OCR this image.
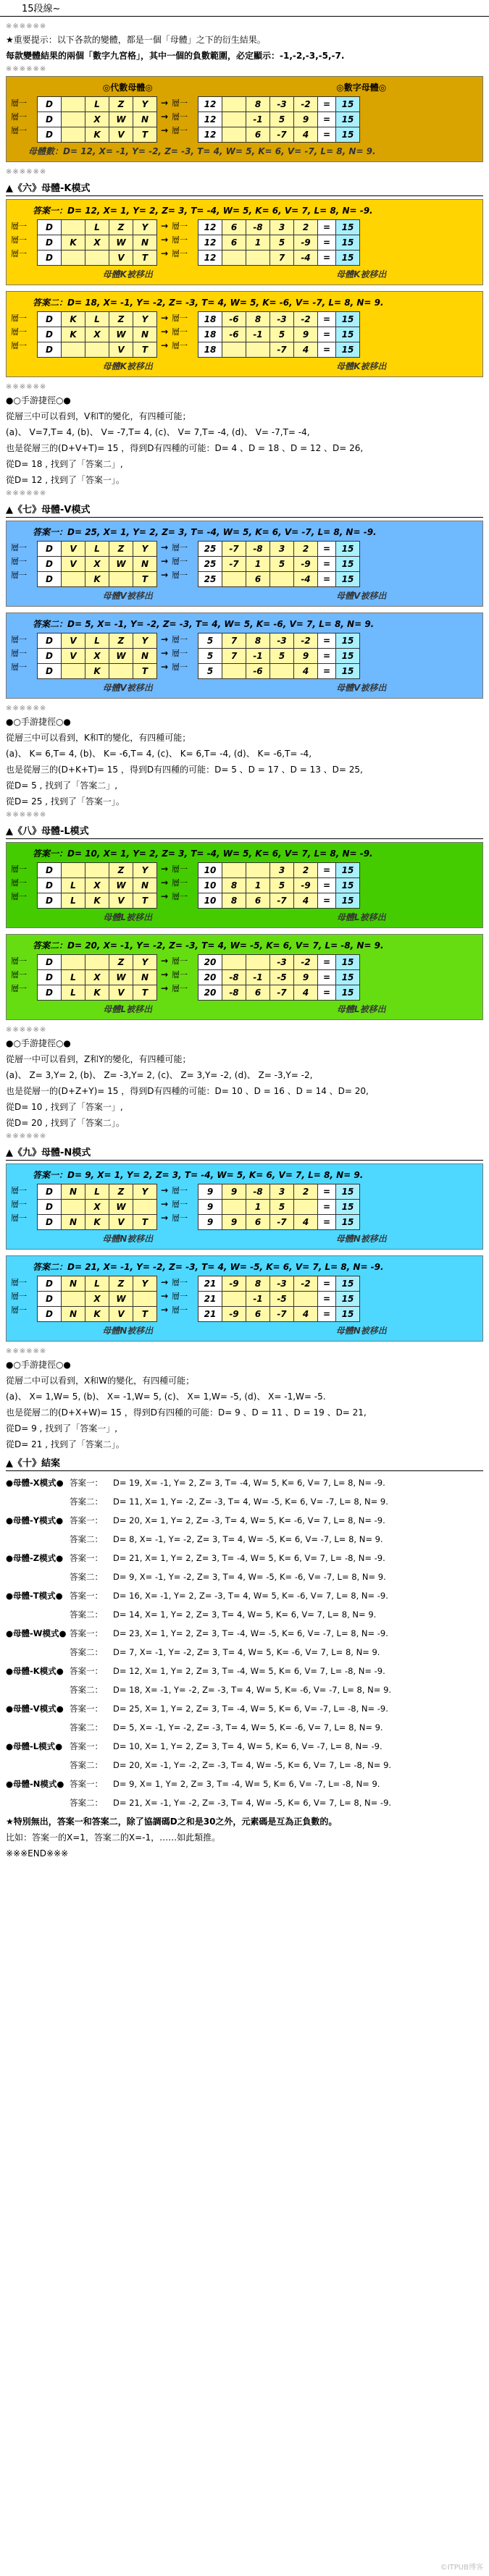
15段線~
※※※※※※
★重要提示：以下各款的變體，都是一個「母體」之下的衍生結果。
每款變體結果的兩個「數字九宮格」，其中一個的負數範圍，必定顯示：-1,-2,-3,-5,-7.
※※※※※※
◎代數母體◎	◎數字母體◎
層一
層一
層一
D		L	Z	Y
D		X	W	N
D		K	V	T
→
→
→
層一
層一
層一
12		8	-3	-2	=	15
12		-1	5	9	=	15
12		6	-7	4	=	15
母體數：D= 12, X= -1, Y= -2, Z= -3, T= 4, W= 5, K= 6, V= -7, L= 8, N= 9.
※※※※※※
▲《六》母體-K模式
答案一：D= 12, X= 1, Y= 2, Z= 3, T= -4, W= 5, K= 6, V= 7, L= 8, N= -9.
層一
層一
層一
D		L	Z	Y
D	K	X	W	N
D			V	T
→
→
→
層一
層一
層一
12	6	-8	3	2	=	15
12	6	1	5	-9	=	15
12			7	-4	=	15
母體K被移出	母體K被移出
答案二：D= 18, X= -1, Y= -2, Z= -3, T= 4, W= 5, K= -6, V= -7, L= 8, N= 9.
層一
層一
層一
D	K	L	Z	Y
D	K	X	W	N
D			V	T
→
→
→
層一
層一
層一
18	-6	8	-3	-2	=	15
18	-6	-1	5	9	=	15
18			-7	4	=	15
母體K被移出	母體K被移出
※※※※※※
●○手游捷徑○●
從層三中可以看到，V和T的變化，有四種可能；
(a)、 V=7,T= 4, (b)、 V= -7,T= 4, (c)、 V= 7,T= -4, (d)、 V= -7,T= -4,
也是從層三的(D+V+T)= 15 ，得到D有四種的可能：D= 4 、D = 18 、D = 12 、D= 26,
從D= 18 , 找到了「答案二」,
從D= 12 , 找到了「答案一」。
※※※※※※
▲《七》母體-V模式
答案一：D= 25, X= 1, Y= 2, Z= 3, T= -4, W= 5, K= 6, V= -7, L= 8, N= -9.
層一
層一
層一
D	V	L	Z	Y
D	V	X	W	N
D		K		T
→
→
→
層一
層一
層一
25	-7	-8	3	2	=	15
25	-7	1	5	-9	=	15
25		6		-4	=	15
母體V被移出	母體V被移出
答案二：D= 5, X= -1, Y= -2, Z= -3, T= 4, W= 5, K= -6, V= 7, L= 8, N= 9.
層一
層一
層一
D	V	L	Z	Y
D	V	X	W	N
D		K		T
→
→
→
層一
層一
層一
5	7	8	-3	-2	=	15
5	7	-1	5	9	=	15
5		-6		4	=	15
母體V被移出	母體V被移出
※※※※※※
●○手游捷徑○●
從層三中可以看到，K和T的變化，有四種可能；
(a)、 K= 6,T= 4, (b)、 K= -6,T= 4, (c)、 K= 6,T= -4, (d)、 K= -6,T= -4,
也是從層三的(D+K+T)= 15 ，得到D有四種的可能：D= 5 、D = 17 、D = 13 、D= 25,
從D= 5 , 找到了「答案二」,
從D= 25 , 找到了「答案一」。
※※※※※※
▲《八》母體-L模式
答案一：D= 10, X= 1, Y= 2, Z= 3, T= -4, W= 5, K= 6, V= 7, L= 8, N= -9.
層一
層一
層一
D			Z	Y
D	L	X	W	N
D	L	K	V	T
→
→
→
層一
層一
層一
10			3	2	=	15
10	8	1	5	-9	=	15
10	8	6	-7	4	=	15
母體L被移出	母體L被移出
答案二：D= 20, X= -1, Y= -2, Z= -3, T= 4, W= -5, K= 6, V= 7, L= -8, N= 9.
層一
層一
層一
D			Z	Y
D	L	X	W	N
D	L	K	V	T
→
→
→
層一
層一
層一
20			-3	-2	=	15
20	-8	-1	-5	9	=	15
20	-8	6	-7	4	=	15
母體L被移出	母體L被移出
※※※※※※
●○手游捷徑○●
從層一中可以看到，Z和Y的變化，有四種可能；
(a)、 Z= 3,Y= 2, (b)、 Z= -3,Y= 2, (c)、 Z= 3,Y= -2, (d)、 Z= -3,Y= -2,
也是從層一的(D+Z+Y)= 15 ，得到D有四種的可能：D= 10 、D = 16 、D = 14 、D= 20,
從D= 10 , 找到了「答案一」,
從D= 20 , 找到了「答案二」。
※※※※※※
▲《九》母體-N模式
答案一：D= 9, X= 1, Y= 2, Z= 3, T= -4, W= 5, K= 6, V= 7, L= 8, N= 9.
層一
層一
層一
D	N	L	Z	Y
D		X	W	
D	N	K	V	T
→
→
→
層一
層一
層一
9	9	-8	3	2	=	15
9		1	5		=	15
9	9	6	-7	4	=	15
母體N被移出	母體N被移出
答案二：D= 21, X= -1, Y= -2, Z= -3, T= 4, W= -5, K= 6, V= 7, L= 8, N= -9.
層一
層一
層一
D	N	L	Z	Y
D		X	W	
D	N	K	V	T
→
→
→
層一
層一
層一
21	-9	8	-3	-2	=	15
21		-1	-5		=	15
21	-9	6	-7	4	=	15
母體N被移出	母體N被移出
※※※※※※
●○手游捷徑○●
從層二中可以看到，X和W的變化，有四種可能；
(a)、 X= 1,W= 5, (b)、 X= -1,W= 5, (c)、 X= 1,W= -5, (d)、 X= -1,W= -5.
也是從層二的(D+X+W)= 15 ，得到D有四種的可能：D= 9 、D = 11 、D = 19 、D= 21,
從D= 9 , 找到了「答案一」,
從D= 21 , 找到了「答案二」。
▲《十》結案
●母體-X模式● 答案一：	D= 19, X= -1, Y= 2, Z= 3, T= -4, W= 5, K= 6, V= 7, L= 8, N= -9.
答案二：	D= 11, X= 1, Y= -2, Z= -3, T= 4, W= -5, K= 6, V= -7, L= 8, N= 9.
●母體-Y模式● 答案一：	D= 20, X= 1, Y= 2, Z= -3, T= 4, W= 5, K= -6, V= 7, L= 8, N= -9.
答案二：	D= 8, X= -1, Y= -2, Z= 3, T= 4, W= -5, K= 6, V= -7, L= 8, N= 9.
●母體-Z模式● 答案一：	D= 21, X= 1, Y= 2, Z= 3, T= -4, W= 5, K= 6, V= 7, L= -8, N= -9.
答案二：	D= 9, X= -1, Y= -2, Z= 3, T= 4, W= -5, K= -6, V= -7, L= 8, N= 9.
●母體-T模式● 答案一：	D= 16, X= -1, Y= 2, Z= -3, T= 4, W= 5, K= -6, V= 7, L= 8, N= -9.
答案二：	D= 14, X= 1, Y= 2, Z= 3, T= 4, W= 5, K= 6, V= 7, L= 8, N= 9.
●母體-W模式● 答案一：	D= 23, X= 1, Y= 2, Z= 3, T= -4, W= -5, K= 6, V= -7, L= 8, N= -9.
答案二：	D= 7, X= -1, Y= -2, Z= 3, T= 4, W= 5, K= -6, V= 7, L= 8, N= 9.
●母體-K模式● 答案一：	D= 12, X= 1, Y= 2, Z= 3, T= -4, W= 5, K= 6, V= 7, L= -8, N= -9.
答案二：	D= 18, X= -1, Y= -2, Z= -3, T= 4, W= 5, K= -6, V= -7, L= 8, N= 9.
●母體-V模式● 答案一：	D= 25, X= 1, Y= 2, Z= 3, T= -4, W= 5, K= 6, V= -7, L= -8, N= -9.
答案二：	D= 5, X= -1, Y= -2, Z= -3, T= 4, W= 5, K= -6, V= 7, L= 8, N= 9.
●母體-L模式● 答案一：	D= 10, X= 1, Y= 2, Z= 3, T= 4, W= 5, K= 6, V= -7, L= 8, N= -9.
答案二：	D= 20, X= -1, Y= -2, Z= -3, T= 4, W= -5, K= 6, V= 7, L= -8, N= 9.
●母體-N模式● 答案一：	D= 9, X= 1, Y= 2, Z= 3, T= -4, W= 5, K= 6, V= -7, L= -8, N= 9.
答案二：	D= 21, X= -1, Y= -2, Z= -3, T= 4, W= -5, K= 6, V= 7, L= 8, N= -9.
★特別無出，答案一和答案二，除了協調碼D之和是30之外，元素碼是互為正負數的。
比如：答案一的X=1，答案二的X=-1，……如此類推。
※※※END※※※
©ITPUB博客
